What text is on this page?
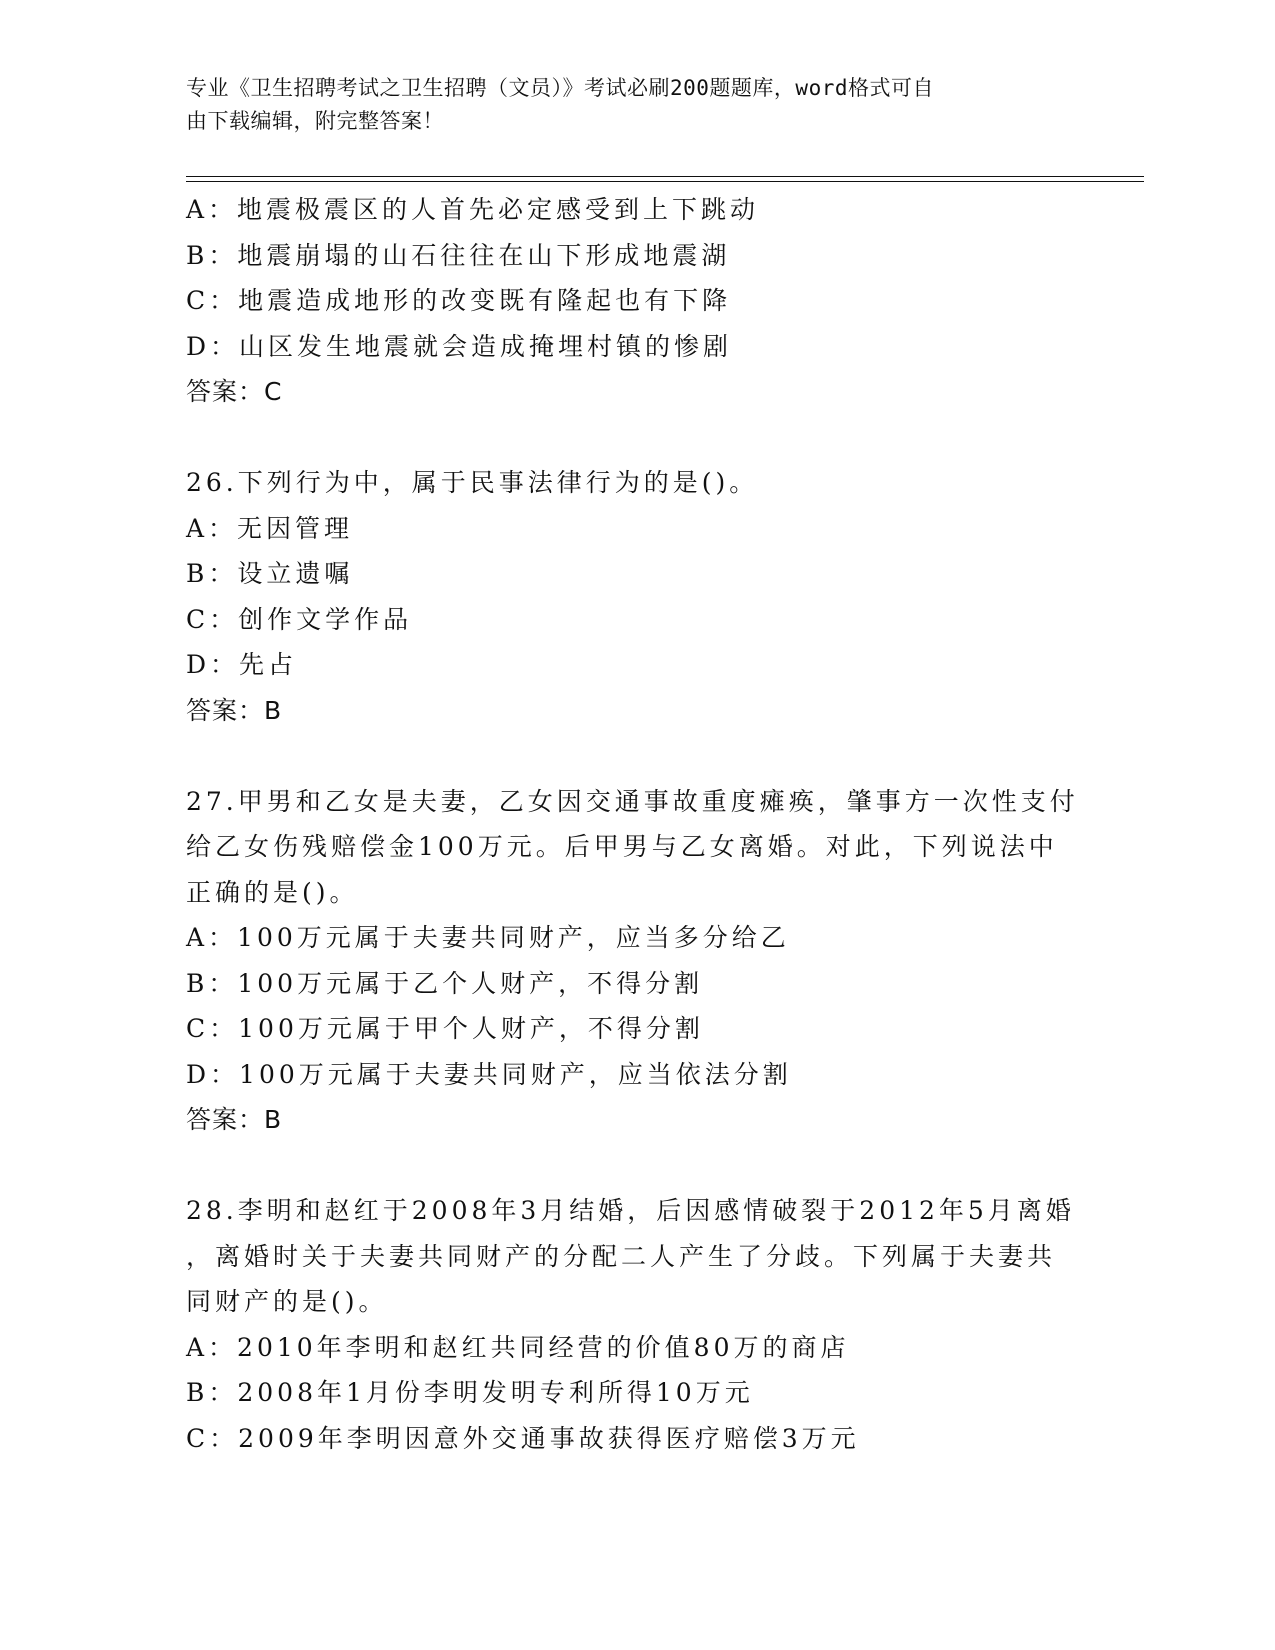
专业《卫生招聘考试之卫生招聘（文员）》考试必刷200题题库，word格式可自
由下载编辑，附完整答案！
A：地震极震区的人首先必定感受到上下跳动
B：地震崩塌的山石往往在山下形成地震湖
C：地震造成地形的改变既有隆起也有下降
D：山区发生地震就会造成掩埋村镇的惨剧
答案：C
26.下列行为中，属于民事法律行为的是()。
A：无因管理
B：设立遗嘱
C：创作文学作品
D：先占
答案：B
27.甲男和乙女是夫妻，乙女因交通事故重度瘫痪，肇事方一次性支付
给乙女伤残赔偿金100万元。后甲男与乙女离婚。对此，下列说法中
正确的是()。
A：100万元属于夫妻共同财产，应当多分给乙
B：100万元属于乙个人财产，不得分割
C：100万元属于甲个人财产，不得分割
D：100万元属于夫妻共同财产，应当依法分割
答案：B
28.李明和赵红于2008年3月结婚，后因感情破裂于2012年5月离婚
，离婚时关于夫妻共同财产的分配二人产生了分歧。下列属于夫妻共
同财产的是()。
A：2010年李明和赵红共同经营的价值80万的商店
B：2008年1月份李明发明专利所得10万元
C：2009年李明因意外交通事故获得医疗赔偿3万元
